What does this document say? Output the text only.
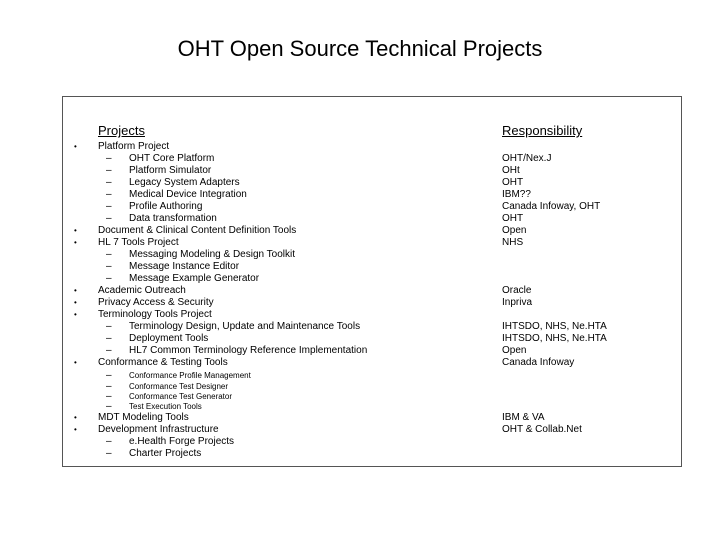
OHT Open Source Technical Projects
Projects	Responsibility
• Platform Project
– OHT Core Platform
– Platform Simulator
– Legacy System Adapters
– Medical Device Integration
– Profile Authoring
– Data transformation
• Document & Clinical Content Definition Tools
• HL 7 Tools Project
– Messaging Modeling & Design Toolkit
– Message Instance Editor
– Message Example Generator
• Academic Outreach
• Privacy Access & Security
• Terminology Tools Project
– Terminology Design, Update and Maintenance Tools
– Deployment Tools
– HL7 Common Terminology Reference Implementation
• Conformance & Testing Tools
– Conformance Profile Management
– Conformance Test Designer
– Conformance Test Generator
– Test Execution Tools
• MDT Modeling Tools
• Development Infrastructure
– e.Health Forge Projects
– Charter Projects
OHT/Nex.J
OHt
OHT
IBM??
Canada Infoway, OHT
OHT
Open
NHS
Oracle
Inpriva
IHTSDO, NHS, Ne.HTA
IHTSDO, NHS, Ne.HTA
Open
Canada Infoway
IBM & VA
OHT & Collab.Net
